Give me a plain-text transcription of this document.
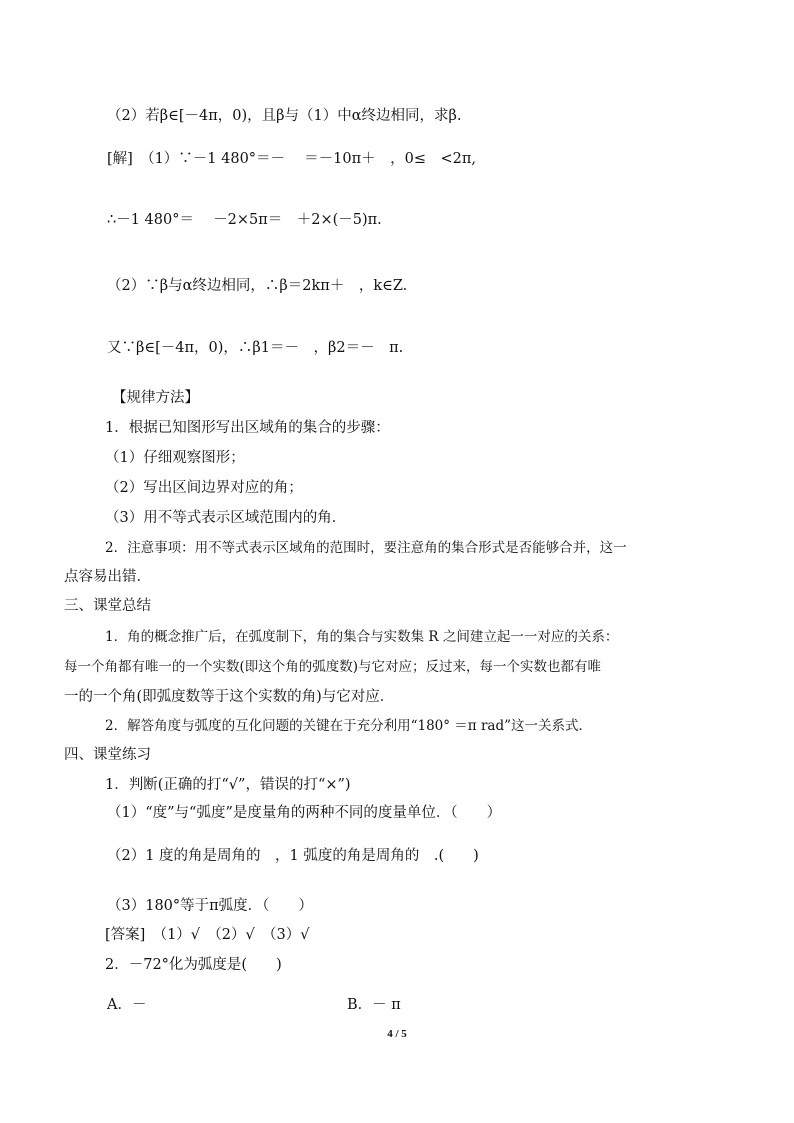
（2）若β∈[－4π，0)，且β与（1）中α终边相同，求β.
[解]　（1）∵－1 480°＝－　 ＝－10π＋　，0≤　<2π,
∴－1 480°＝　 －2×5π＝　＋2×(－5)π.
（2）∵β与α终边相同，∴β＝2kπ＋　，k∈Z.
又∵β∈[－4π，0)，∴β1＝－　，β2＝－　π.
【规律方法】
1．根据已知图形写出区域角的集合的步骤：
（1）仔细观察图形；
（2）写出区间边界对应的角；
（3）用不等式表示区域范围内的角．
2．注意事项：用不等式表示区域角的范围时，要注意角的集合形式是否能够合并，这一
点容易出错．
三、课堂总结
1．角的概念推广后，在弧度制下，角的集合与实数集 R 之间建立起一一对应的关系：
每一个角都有唯一的一个实数(即这个角的弧度数)与它对应；反过来，每一个实数也都有唯
一的一个角(即弧度数等于这个实数的角)与它对应．
2．解答角度与弧度的互化问题的关键在于充分利用“180° ＝π rad”这一关系式．
四、课堂练习
1．判断(正确的打“√”，错误的打“×”)
（1）“度”与“弧度”是度量角的两种不同的度量单位．（　　）
（2）1 度的角是周角的　，1 弧度的角是周角的　.(　　)
（3）180°等于π弧度．（　　）
[答案]　（1）√　（2）√　（3）√
2．－72°化为弧度是(　　)
A．－	B．－ π
4 / 5
